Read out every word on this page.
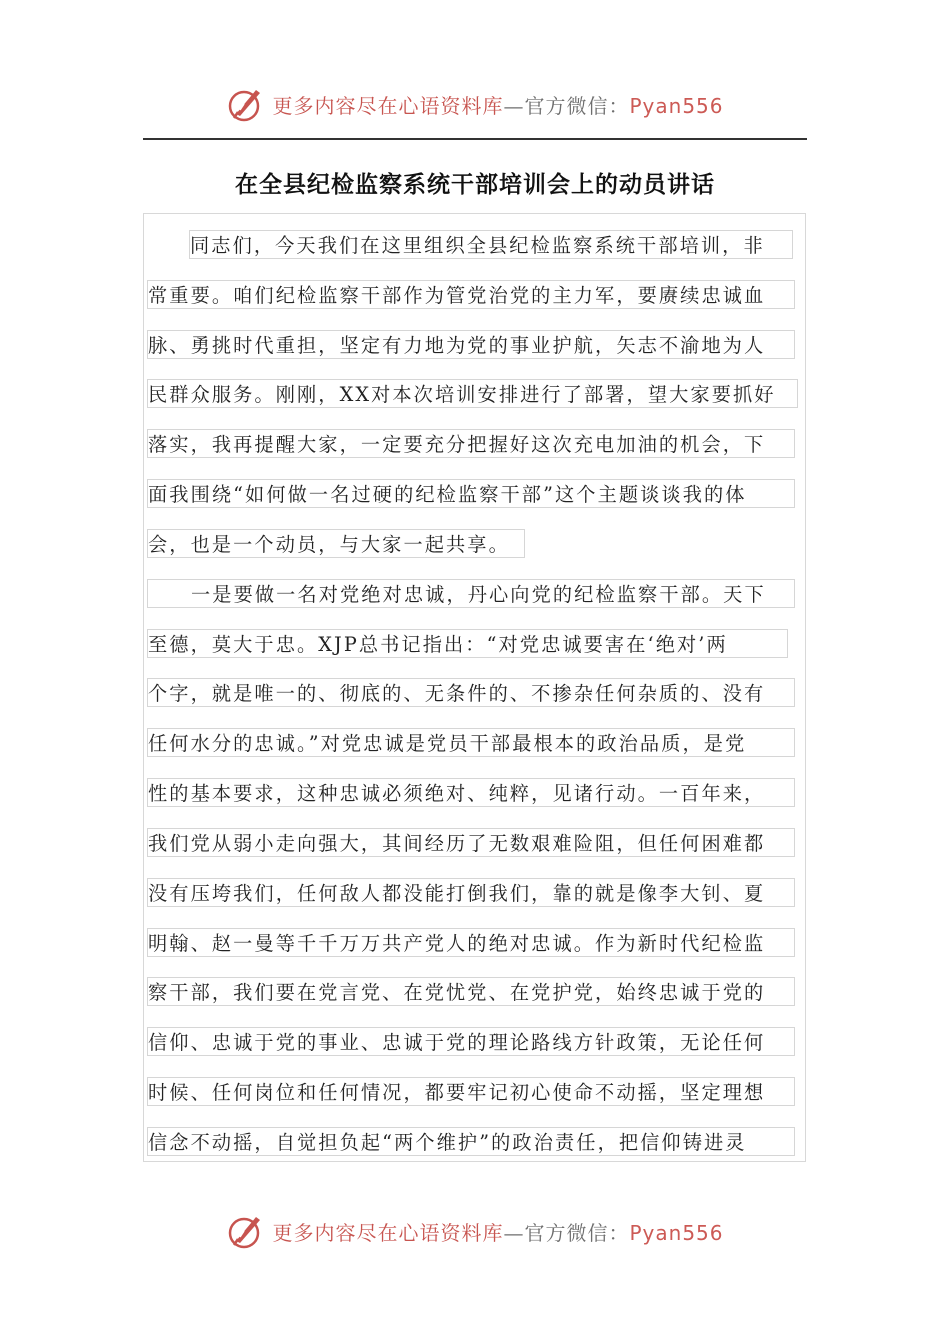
更多内容尽在心语资料库—官方微信：Pyan556
在全县纪检监察系统干部培训会上的动员讲话
同志们，今天我们在这里组织全县纪检监察系统干部培训，非
常重要。咱们纪检监察干部作为管党治党的主力军，要赓续忠诚血
脉、勇挑时代重担，坚定有力地为党的事业护航，矢志不渝地为人
民群众服务。刚刚，XX对本次培训安排进行了部署，望大家要抓好
落实，我再提醒大家，一定要充分把握好这次充电加油的机会，下
面我围绕“如何做一名过硬的纪检监察干部”这个主题谈谈我的体
会，也是一个动员，与大家一起共享。
一是要做一名对党绝对忠诚，丹心向党的纪检监察干部。天下
至德，莫大于忠。XJP总书记指出：“对党忠诚要害在‘绝对’两
个字，就是唯一的、彻底的、无条件的、不掺杂任何杂质的、没有
任何水分的忠诚。”对党忠诚是党员干部最根本的政治品质，是党
性的基本要求，这种忠诚必须绝对、纯粹，见诸行动。一百年来，
我们党从弱小走向强大，其间经历了无数艰难险阻，但任何困难都
没有压垮我们，任何敌人都没能打倒我们，靠的就是像李大钊、夏
明翰、赵一曼等千千万万共产党人的绝对忠诚。作为新时代纪检监
察干部，我们要在党言党、在党忧党、在党护党，始终忠诚于党的
信仰、忠诚于党的事业、忠诚于党的理论路线方针政策，无论任何
时候、任何岗位和任何情况，都要牢记初心使命不动摇，坚定理想
信念不动摇，自觉担负起“两个维护”的政治责任，把信仰铸进灵
更多内容尽在心语资料库—官方微信：Pyan556
